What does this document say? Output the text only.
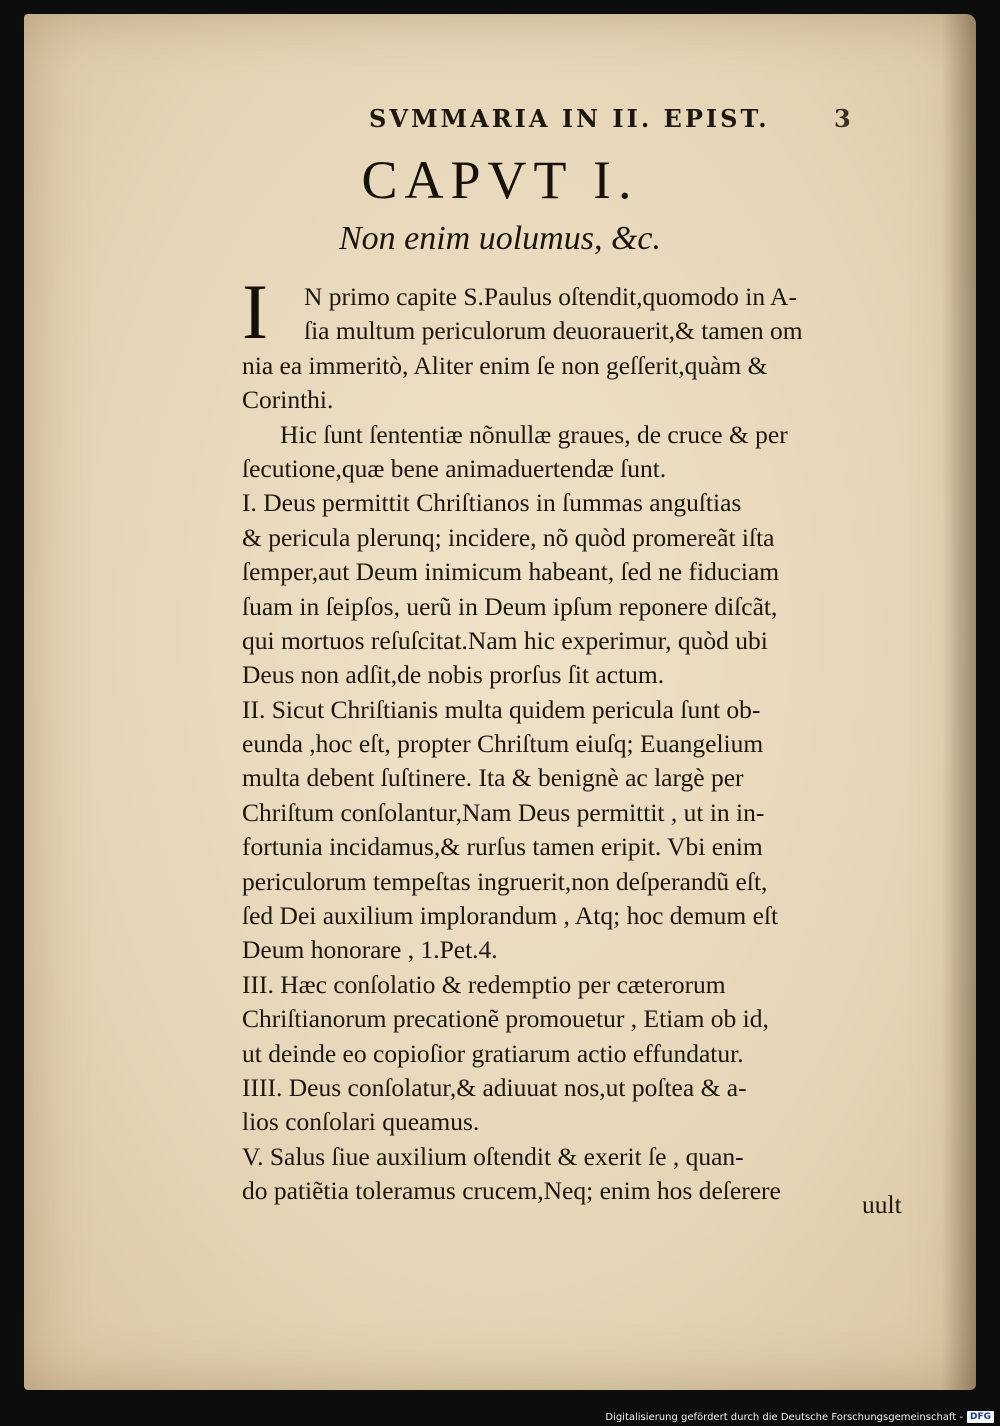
SVMMARIA IN II. EPIST.	3
CAPVT I.
Non enim uolumus, &c.
I	N primo capite S.Paulus oſtendit,quomodo in A-
ſia multum periculorum deuorauerit,& tamen om
nia ea immeritò, Aliter enim ſe non geſſerit,quàm &
Corinthi.
Hic ſunt ſententiæ nõnullæ graues, de cruce & per
ſecutione,quæ bene animaduertendæ ſunt.
I. Deus permittit Chriſtianos in ſummas anguſtias
& pericula plerunq; incidere, nõ quòd promereãt iſta
ſemper,aut Deum inimicum habeant, ſed ne fiduciam
ſuam in ſeipſos, uerũ in Deum ipſum reponere diſcãt,
qui mortuos reſuſcitat.Nam hic experimur, quòd ubi
Deus non adſit,de nobis prorſus ſit actum.
II. Sicut Chriſtianis multa quidem pericula ſunt ob-
eunda ,hoc eſt, propter Chriſtum eiuſq; Euangelium
multa debent ſuſtinere. Ita & benignè ac largè per
Chriſtum conſolantur,Nam Deus permittit , ut in in-
fortunia incidamus,& rurſus tamen eripit. Vbi enim
periculorum tempeſtas ingruerit,non deſperandũ eſt,
ſed Dei auxilium implorandum , Atq; hoc demum eſt
Deum honorare , 1.Pet.4.
III. Hæc conſolatio & redemptio per cæterorum
Chriſtianorum precationẽ promouetur , Etiam ob id,
ut deinde eo copioſior gratiarum actio effundatur.
IIII. Deus conſolatur,& adiuuat nos,ut poſtea & a-
lios conſolari queamus.
V. Salus ſiue auxilium oſtendit & exerit ſe , quan-
do patiẽtia toleramus crucem,Neq; enim hos deſerere	uult
Digitalisierung gefördert durch die Deutsche Forschungsgemeinschaft - DFG
